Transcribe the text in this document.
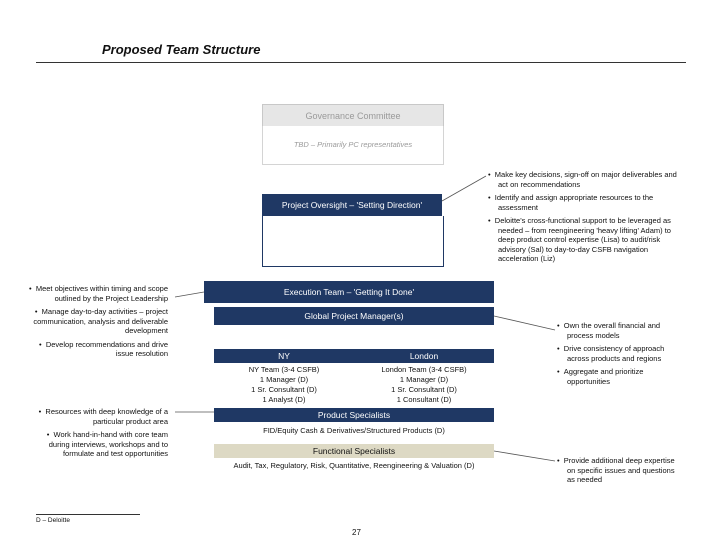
Proposed Team Structure
Governance Committee
TBD – Primarily PC representatives
Project Oversight – 'Setting Direction'
•  Make key decisions, sign-off on major deliverables and act on recommendations
•  Identify and assign appropriate resources to the assessment
•  Deloitte's cross-functional support to be leveraged as needed – from reengineering 'heavy lifting' Adam) to deep product control expertise (Lisa) to audit/risk advisory (Sal) to day-to-day CSFB navigation acceleration (Liz)
•  Meet objectives within timing and scope outlined by the Project Leadership
•  Manage day-to-day activities – project communication, analysis and deliverable development
•  Develop recommendations and drive issue resolution
Execution Team – 'Getting It Done'
Global Project Manager(s)
NY	London
NY Team (3-4 CSFB)
1 Manager (D)
1 Sr. Consultant (D)
1 Analyst (D)
London Team (3-4 CSFB)
1 Manager (D)
1 Sr. Consultant (D)
1 Consultant (D)
•  Own the overall financial and process models
•  Drive consistency of approach across products and regions
•  Aggregate and prioritize opportunities
•  Resources with deep knowledge of a particular product area
•  Work hand-in-hand with core team during interviews, workshops and to formulate and test opportunities
Product Specialists
FID/Equity Cash & Derivatives/Structured Products (D)
Functional Specialists
Audit, Tax, Regulatory, Risk, Quantitative, Reengineering & Valuation (D)
•  Provide additional deep expertise on specific issues and questions as needed
D – Deloitte
27
